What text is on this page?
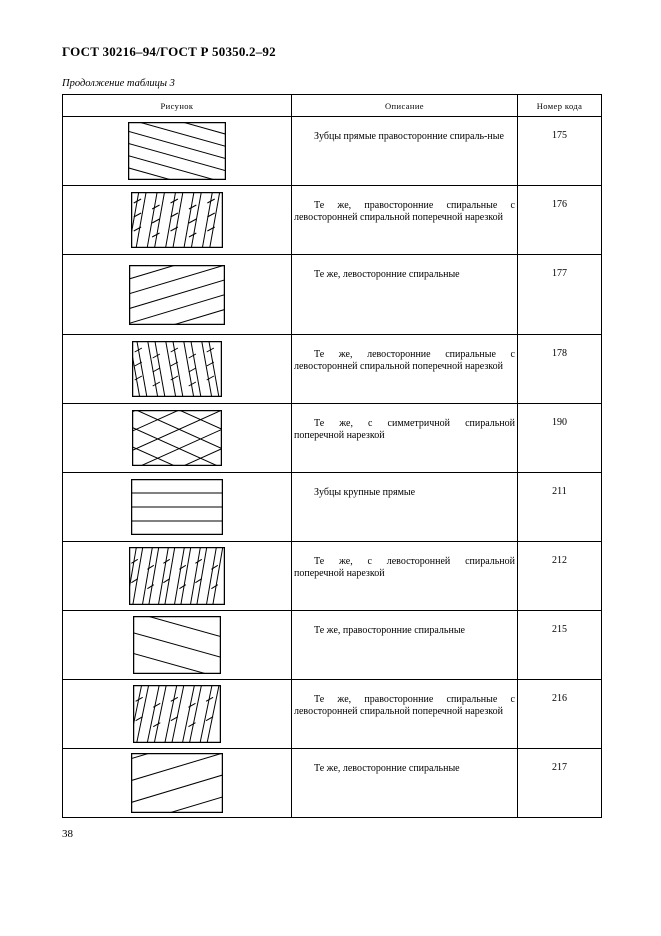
ГОСТ 30216–94/ГОСТ Р 50350.2–92
Продолжение таблицы 3
Рисунок	Описание	Номер кода

Зубцы прямые правосторонние спираль-ные	175

Те же, правосторонние спиральные с левосторонней спиральной поперечной нарезкой	176

Те же, левосторонние спиральные	177

Те же, левосторонние спиральные с левосторонней спиральной поперечной нарезкой	178

Те же, с симметричной спиральной поперечной нарезкой	190

Зубцы крупные прямые	211

Те же, с левосторонней спиральной поперечной нарезкой	212

Те же, правосторонние спиральные	215

Те же, правосторонние спиральные с левосторонней спиральной поперечной нарезкой	216

Те же, левосторонние спиральные	217
38
